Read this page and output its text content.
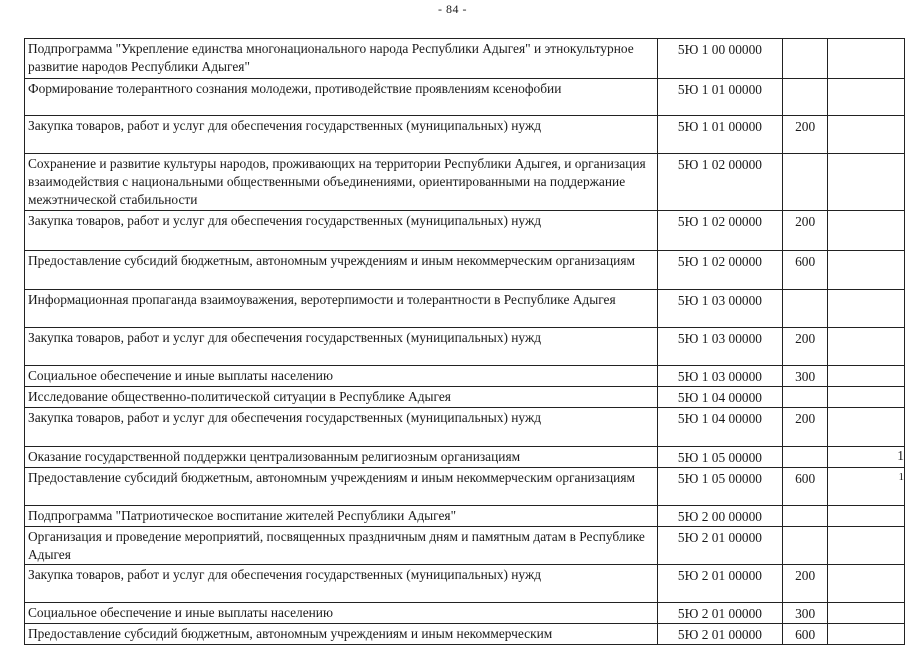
- 84 -
Подпрограмма "Укрепление единства многонационального народа Республики Адыгея" и этнокультурное развитие народов Республики Адыгея"	5Ю 1 00 00000		
Формирование толерантного сознания молодежи, противодействие проявлениям ксенофобии	5Ю 1 01 00000		
Закупка товаров, работ и услуг для обеспечения государственных (муниципальных) нужд	5Ю 1 01 00000	200	
Сохранение и развитие культуры народов, проживающих на территории Республики Адыгея, и организация взаимодействия с национальными общественными объединениями, ориентированными на поддержание межэтнической стабильности	5Ю 1 02 00000		
Закупка товаров, работ и услуг для обеспечения государственных (муниципальных) нужд	5Ю 1 02 00000	200	
Предоставление субсидий бюджетным, автономным учреждениям и иным некоммерческим организациям	5Ю 1 02 00000	600	
Информационная пропаганда взаимоуважения, веротерпимости и толерантности в Республике Адыгея	5Ю 1 03 00000		
Закупка товаров, работ и услуг для обеспечения государственных (муниципальных) нужд	5Ю 1 03 00000	200	
Социальное обеспечение и иные выплаты населению	5Ю 1 03 00000	300	
Исследование общественно-политической ситуации в Республике Адыгея	5Ю 1 04 00000		
Закупка товаров, работ и услуг для обеспечения государственных (муниципальных) нужд	5Ю 1 04 00000	200	
Оказание государственной поддержки централизованным религиозным организациям	5Ю 1 05 00000		1

Предоставление субсидий бюджетным, автономным учреждениям и иным некоммерческим организациям	5Ю 1 05 00000	600	1

Подпрограмма "Патриотическое воспитание жителей Республики Адыгея"	5Ю 2 00 00000		
Организация и проведение мероприятий, посвященных праздничным дням и памятным датам в Республике Адыгея	5Ю 2 01 00000		
Закупка товаров, работ и услуг для обеспечения государственных (муниципальных) нужд	5Ю 2 01 00000	200	
Социальное обеспечение и иные выплаты населению	5Ю 2 01 00000	300	
Предоставление субсидий бюджетным, автономным учреждениям и иным некоммерческим	5Ю 2 01 00000	600	
